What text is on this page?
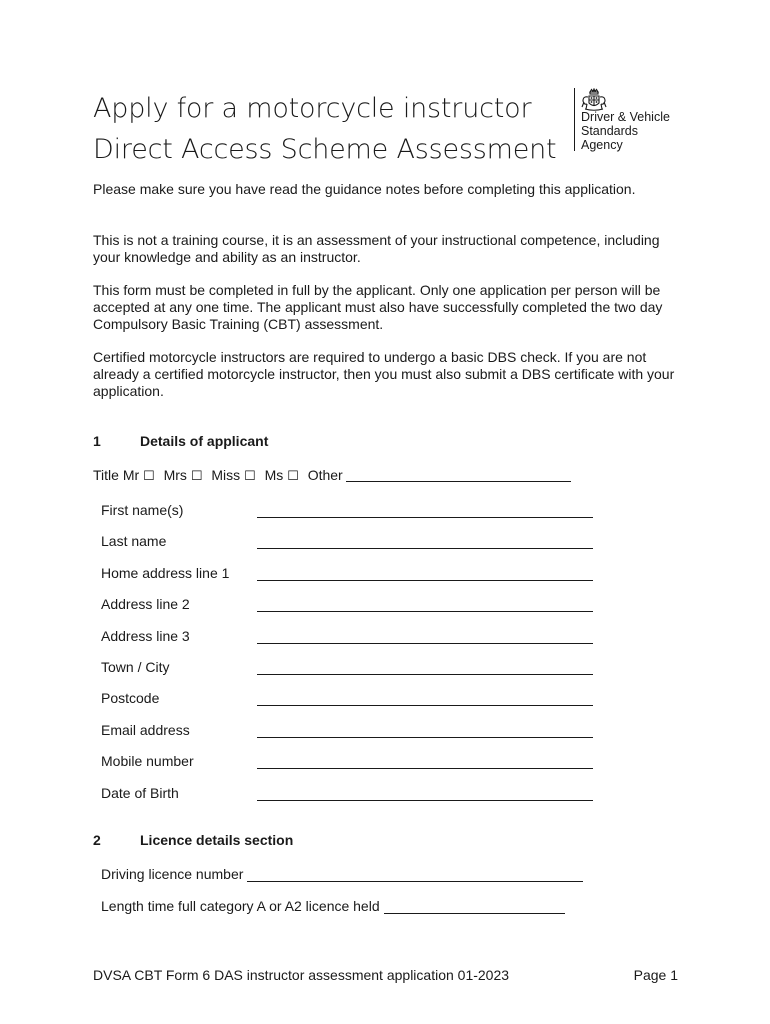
Apply for a motorcycle instructor
Direct Access Scheme Assessment
Driver & Vehicle
Standards
Agency

Please make sure you have read the guidance notes before completing this application.

This is not a training course, it is an assessment of your instructional competence, including your knowledge and ability as an instructor.

This form must be completed in full by the applicant. Only one application per person will be accepted at any one time. The applicant must also have successfully completed the two day Compulsory Basic Training (CBT) assessment.

Certified motorcycle instructors are required to undergo a basic DBS check. If you are not already a certified motorcycle instructor, then you must also submit a DBS certificate with your application.

1	Details of applicant
Title Mr ☐ Mrs ☐ Miss ☐ Ms ☐ Other
First name(s)
Last name
Home address line 1
Address line 2
Address line 3
Town / City
Postcode
Email address
Mobile number
Date of Birth
2	Licence details section
Driving licence number
Length time full category A or A2 licence held
DVSA CBT Form 6 DAS instructor assessment application 01-2023	Page 1
